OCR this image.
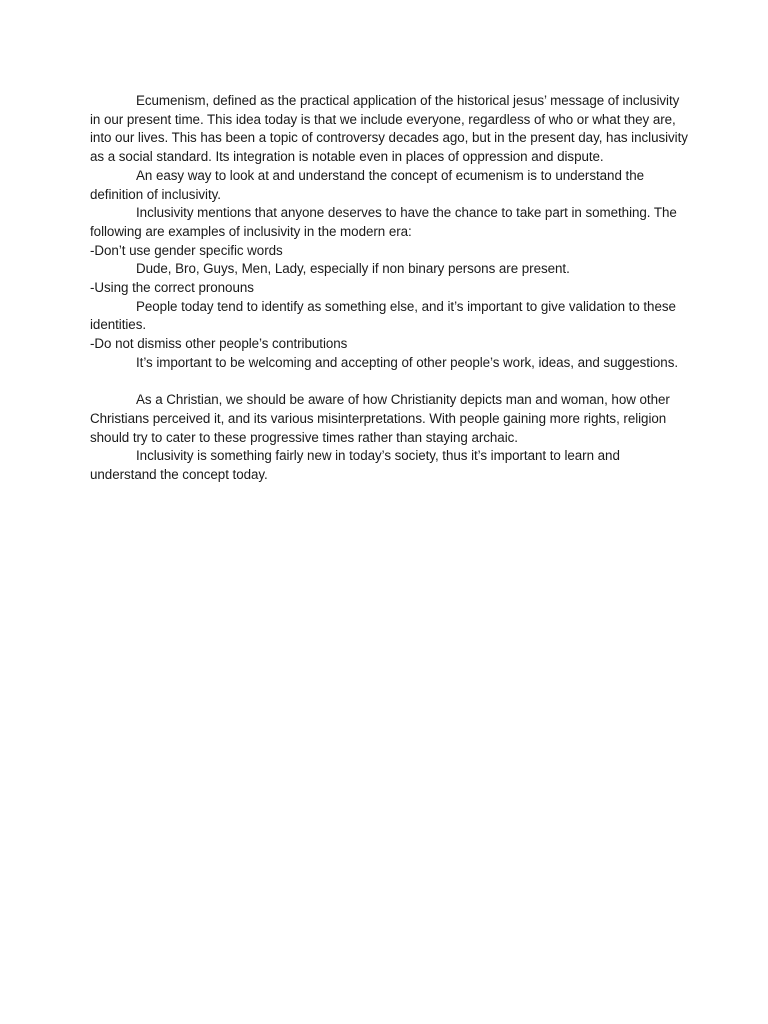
Ecumenism, defined as the practical application of the historical jesus’ message of inclusivity in our present time. This idea today is that we include everyone, regardless of who or what they are, into our lives. This has been a topic of controversy decades ago, but in the present day, has inclusivity as a social standard. Its integration is notable even in places of oppression and dispute.

An easy way to look at and understand the concept of ecumenism is to understand the definition of inclusivity.

Inclusivity mentions that anyone deserves to have the chance to take part in something. The following are examples of inclusivity in the modern era:

-Don’t use gender specific words

Dude, Bro, Guys, Men, Lady, especially if non binary persons are present.

-Using the correct pronouns

People today tend to identify as something else, and it’s important to give validation to these identities.

-Do not dismiss other people’s contributions

It’s important to be welcoming and accepting of other people’s work, ideas, and suggestions.

As a Christian, we should be aware of how Christianity depicts man and woman, how other Christians perceived it, and its various misinterpretations. With people gaining more rights, religion should try to cater to these progressive times rather than staying archaic.

Inclusivity is something fairly new in today’s society, thus it’s important to learn and understand the concept today.
